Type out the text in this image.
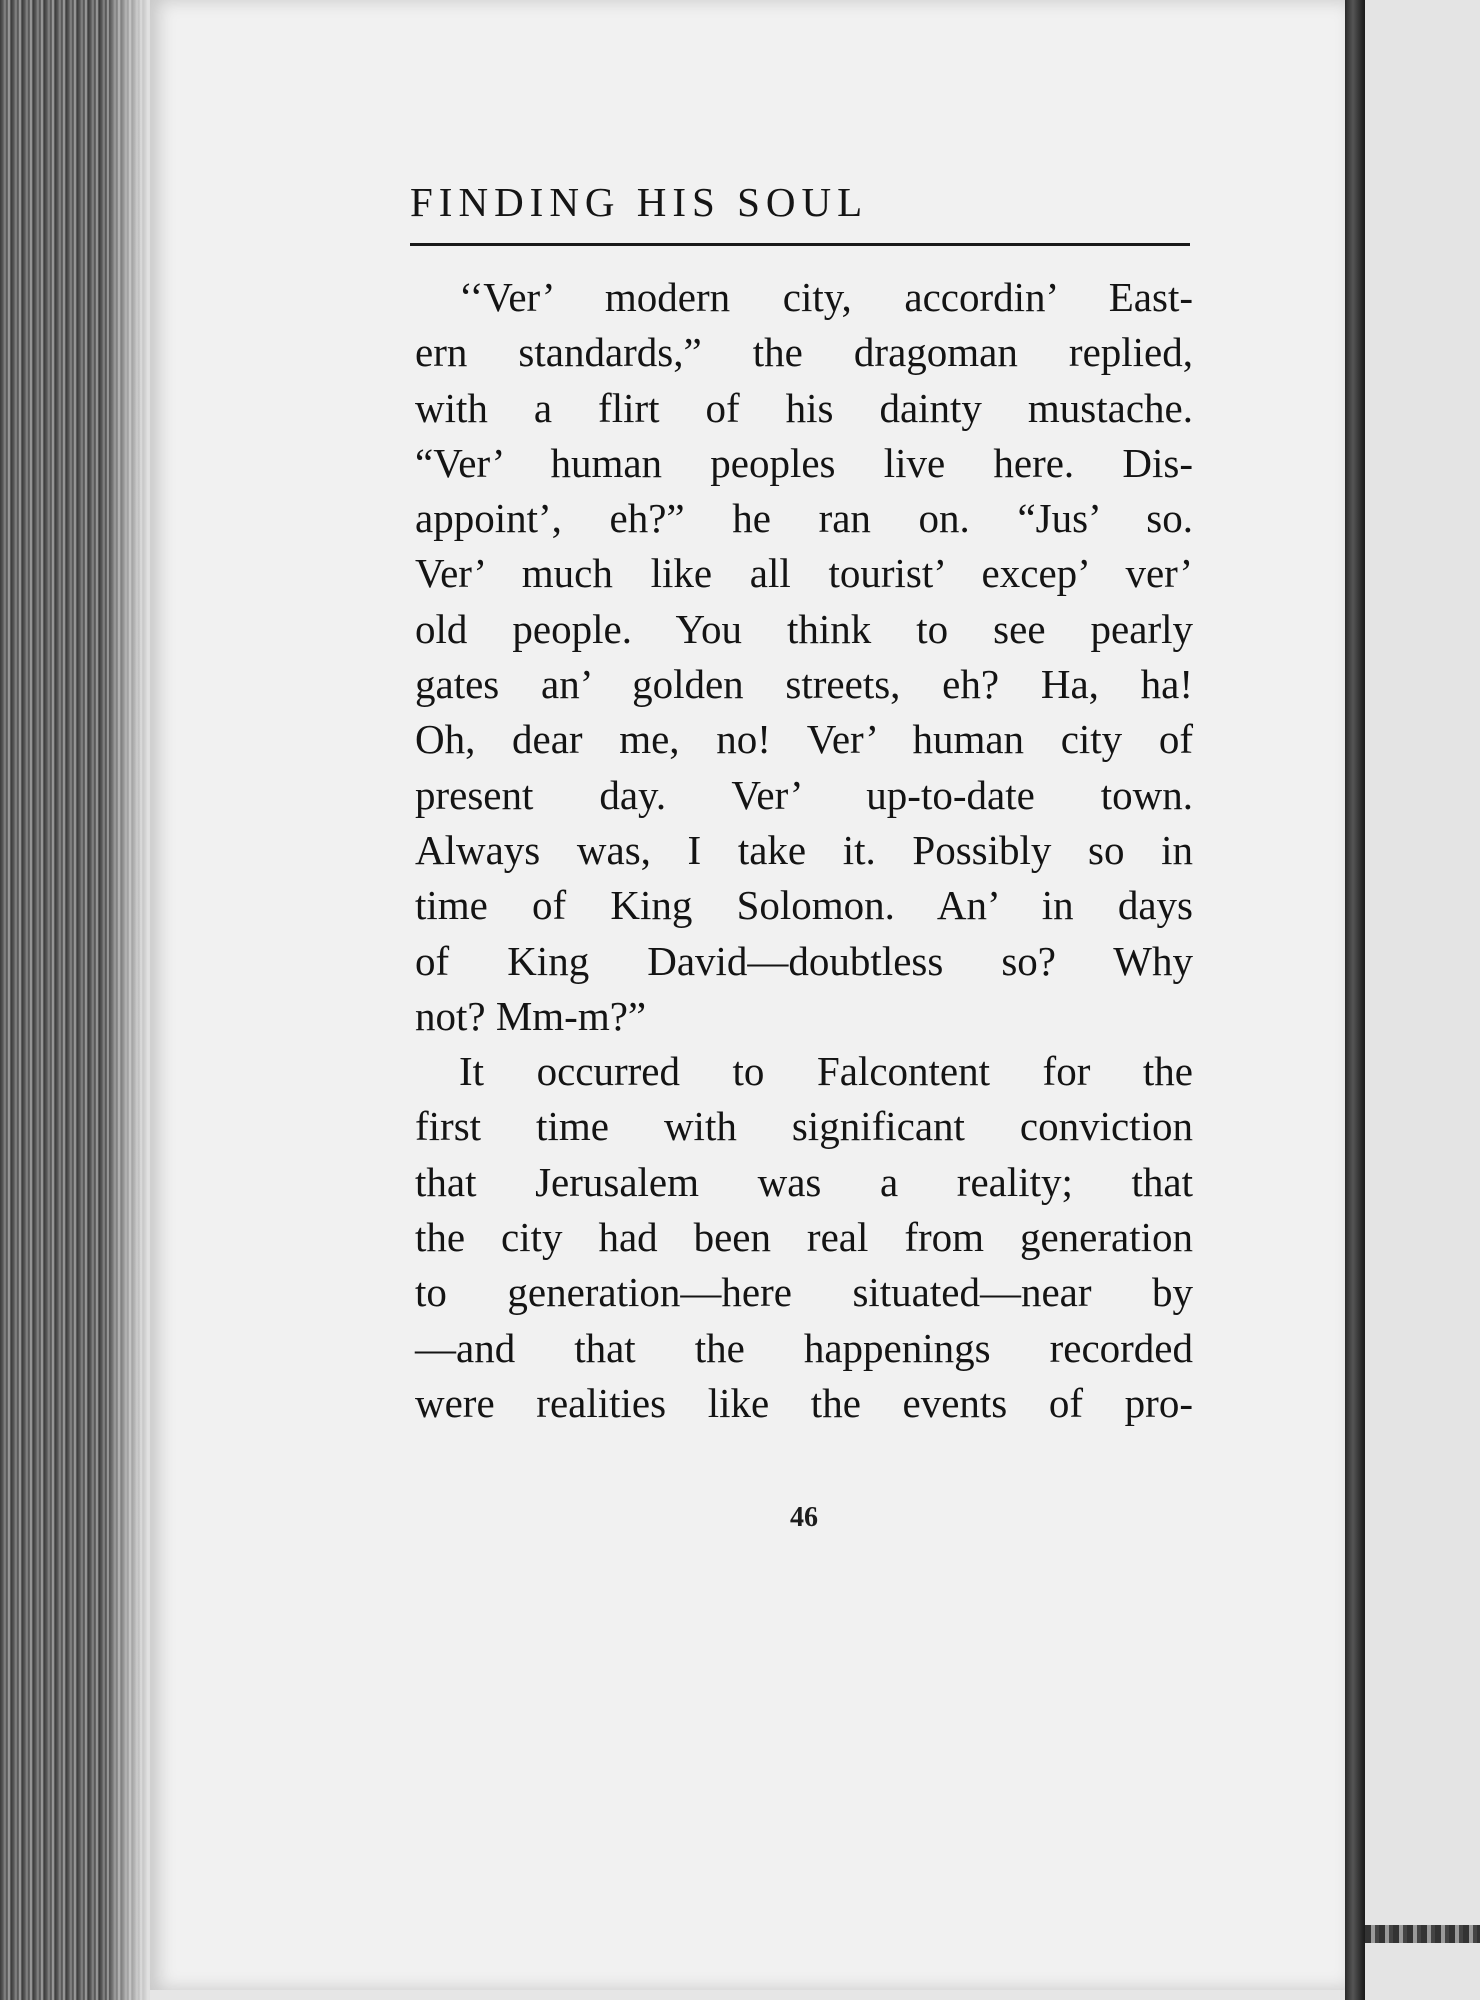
FINDING HIS SOUL
‘‘Ver’ modern city, accordin’ East-
ern standards,” the dragoman replied,
with a flirt of his dainty mustache.
“Ver’ human peoples live here. Dis-
appoint’, eh?” he ran on. “Jus’ so.
Ver’ much like all tourist’ excep’ ver’
old people. You think to see pearly
gates an’ golden streets, eh? Ha, ha!
Oh, dear me, no! Ver’ human city of
present day. Ver’ up-to-date town.
Always was, I take it. Possibly so in
time of King Solomon. An’ in days
of King David—doubtless so? Why
not? Mm-m?”
It occurred to Falcontent for the
first time with significant conviction
that Jerusalem was a reality; that
the city had been real from generation
to generation—here situated—near by
—and that the happenings recorded
were realities like the events of pro-
46
